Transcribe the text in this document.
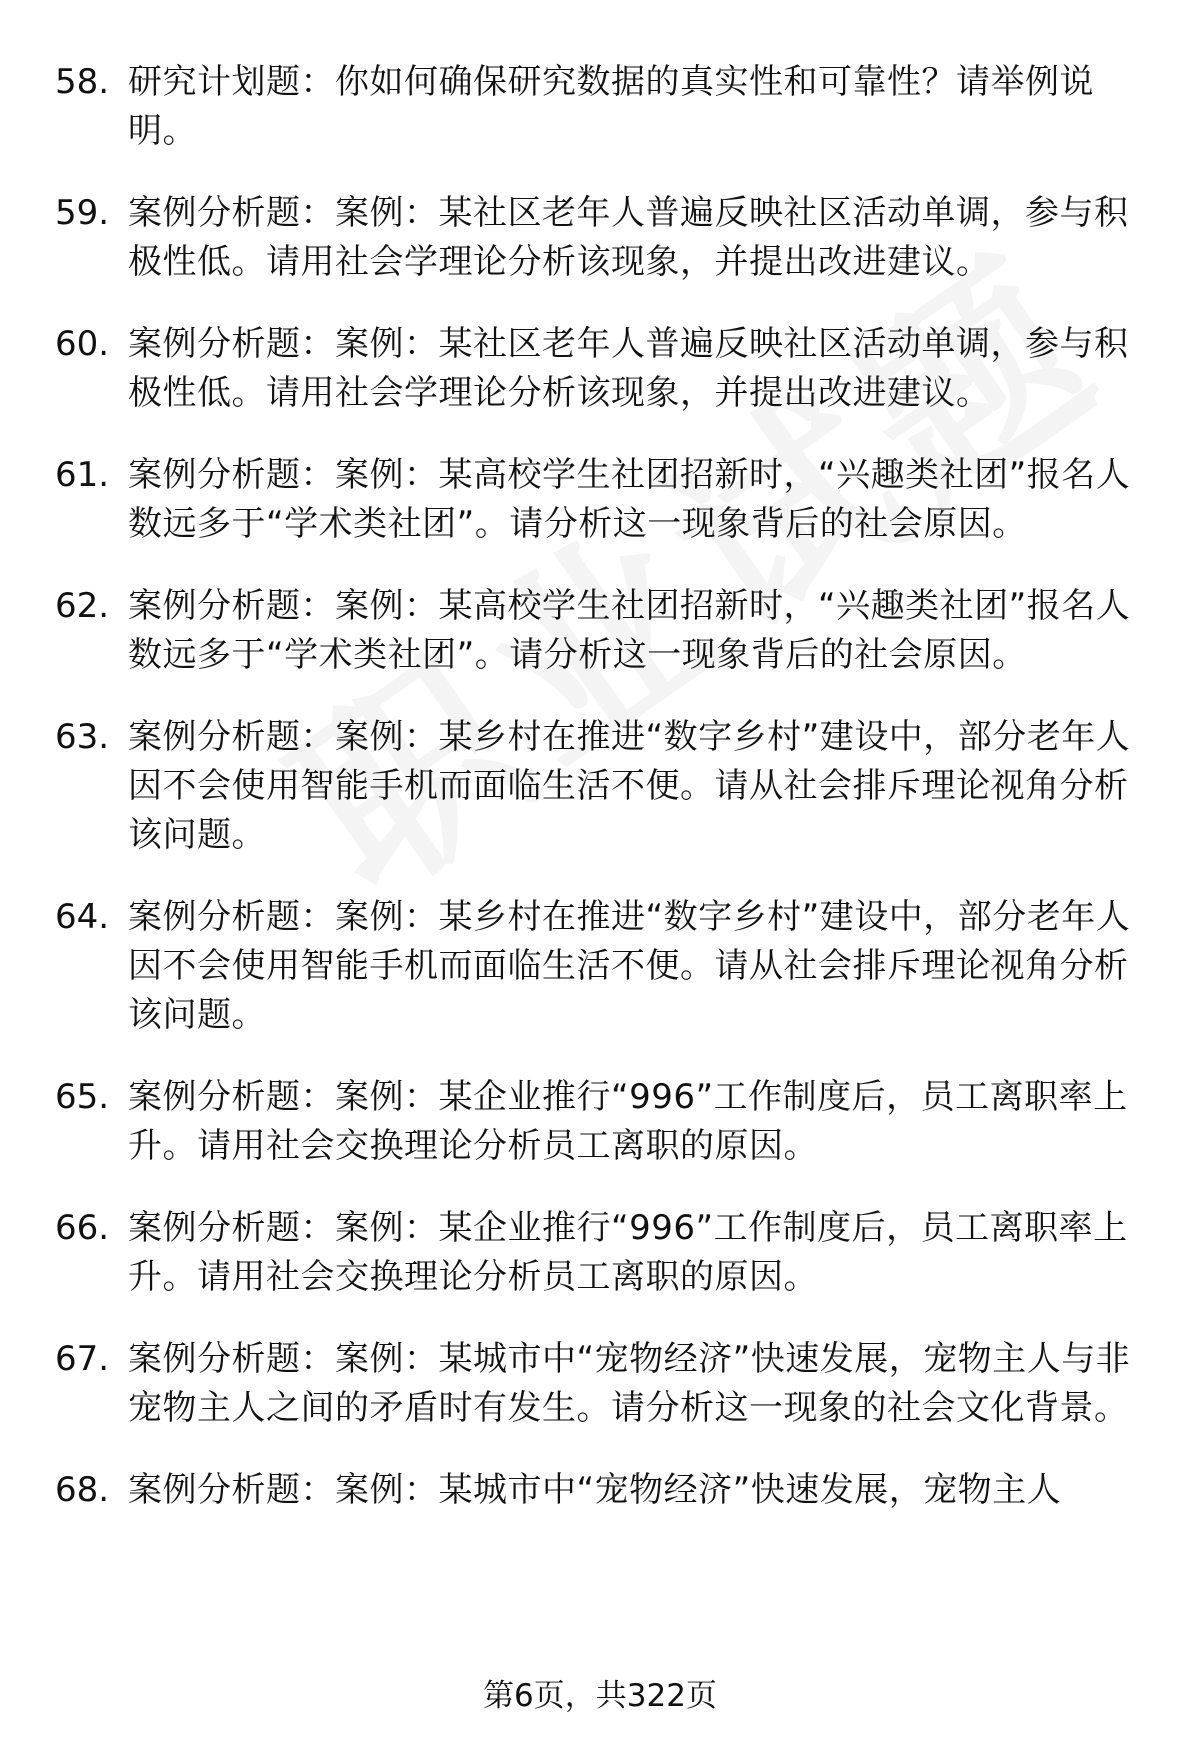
58. 研究计划题：你如何确保研究数据的真实性和可靠性？请举例说明。
59. 案例分析题：案例：某社区老年人普遍反映社区活动单调，参与积极性低。请用社会学理论分析该现象，并提出改进建议。
60. 案例分析题：案例：某社区老年人普遍反映社区活动单调，参与积极性低。请用社会学理论分析该现象，并提出改进建议。
61. 案例分析题：案例：某高校学生社团招新时，“兴趣类社团”报名人数远多于“学术类社团”。请分析这一现象背后的社会原因。
62. 案例分析题：案例：某高校学生社团招新时，“兴趣类社团”报名人数远多于“学术类社团”。请分析这一现象背后的社会原因。
63. 案例分析题：案例：某乡村在推进“数字乡村”建设中，部分老年人因不会使用智能手机而面临生活不便。请从社会排斥理论视角分析该问题。
64. 案例分析题：案例：某乡村在推进“数字乡村”建设中，部分老年人因不会使用智能手机而面临生活不便。请从社会排斥理论视角分析该问题。
65. 案例分析题：案例：某企业推行“996”工作制度后，员工离职率上升。请用社会交换理论分析员工离职的原因。
66. 案例分析题：案例：某企业推行“996”工作制度后，员工离职率上升。请用社会交换理论分析员工离职的原因。
67. 案例分析题：案例：某城市中“宠物经济”快速发展，宠物主人与非宠物主人之间的矛盾时有发生。请分析这一现象的社会文化背景。
68. 案例分析题：案例：某城市中“宠物经济”快速发展，宠物主人
第6页，共322页
